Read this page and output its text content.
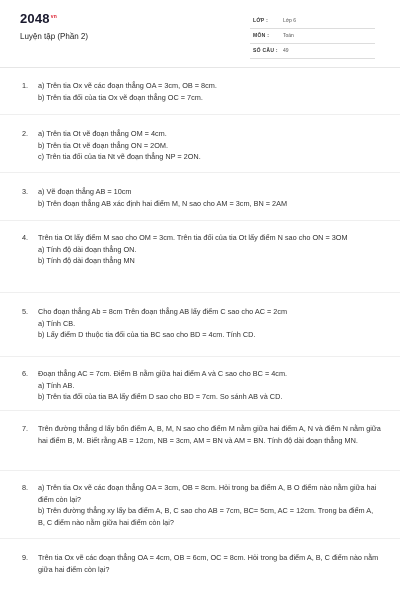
$2048^{vn}$
Luyện tập (Phần 2)
LỚP :	Lớp 6
MÔN :	Toán
SỐ CÂU : 49
1.	a) Trên tia Ox vẽ các đoạn thẳng OA = 3cm, OB = 8cm.
b) Trên tia đối của tia Ox vẽ đoạn thẳng OC = 7cm.
2.	a) Trên tia Ot vẽ đoạn thẳng OM = 4cm.
b) Trên tia Ot vẽ đoạn thẳng ON = 2OM.
c) Trên tia đối của tia Nt vẽ đoạn thẳng NP = 2ON.
3.	a) Vẽ đoạn thẳng AB = 10cm
b) Trên đoạn thẳng AB xác định hai điểm M, N sao cho AM = 3cm, BN = 2AM
4.	Trên tia Ot lấy điểm M sao cho OM = 3cm. Trên tia đối của tia Ot lấy điểm N sao cho ON = 3OM
a) Tính độ dài đoạn thẳng ON.
b) Tính độ dài đoạn thẳng MN
5.	Cho đoạn thẳng Ab = 8cm Trên đoạn thẳng AB lấy điểm C sao cho AC = 2cm
a) Tính CB.
b) Lấy điểm D thuộc tia đối của tia BC sao cho BD = 4cm. Tính CD.
6.	Đoạn thẳng AC = 7cm. Điểm B nằm giữa hai điểm A và C sao cho BC = 4cm.
a) Tính AB.
b) Trên tia đối của tia BA lấy điểm D sao cho BD = 7cm. So sánh AB và CD.
7.	Trên đường thẳng d lấy bốn điểm A, B, M, N sao cho điểm M nằm giữa hai điểm A, N và điểm N nằm giữa hai điểm B, M. Biết rằng AB = 12cm, NB = 3cm, AM = BN và AM = BN. Tính độ dài đoạn thẳng MN.
8.	a) Trên tia Ox vẽ các đoạn thẳng OA = 3cm, OB = 8cm. Hỏi trong ba điểm A, B O điểm nào nằm giữa hai điểm còn lại?
b) Trên đường thẳng xy lấy ba điểm A, B, C sao cho AB = 7cm, BC= 5cm, AC = 12cm. Trong ba điểm A, B, C điểm nào nằm giữa hai điểm còn lại?
9.	Trên tia Ox vẽ các đoạn thẳng OA = 4cm, OB = 6cm, OC = 8cm. Hỏi trong ba điểm A, B, C điểm nào nằm giữa hai điểm còn lại?
